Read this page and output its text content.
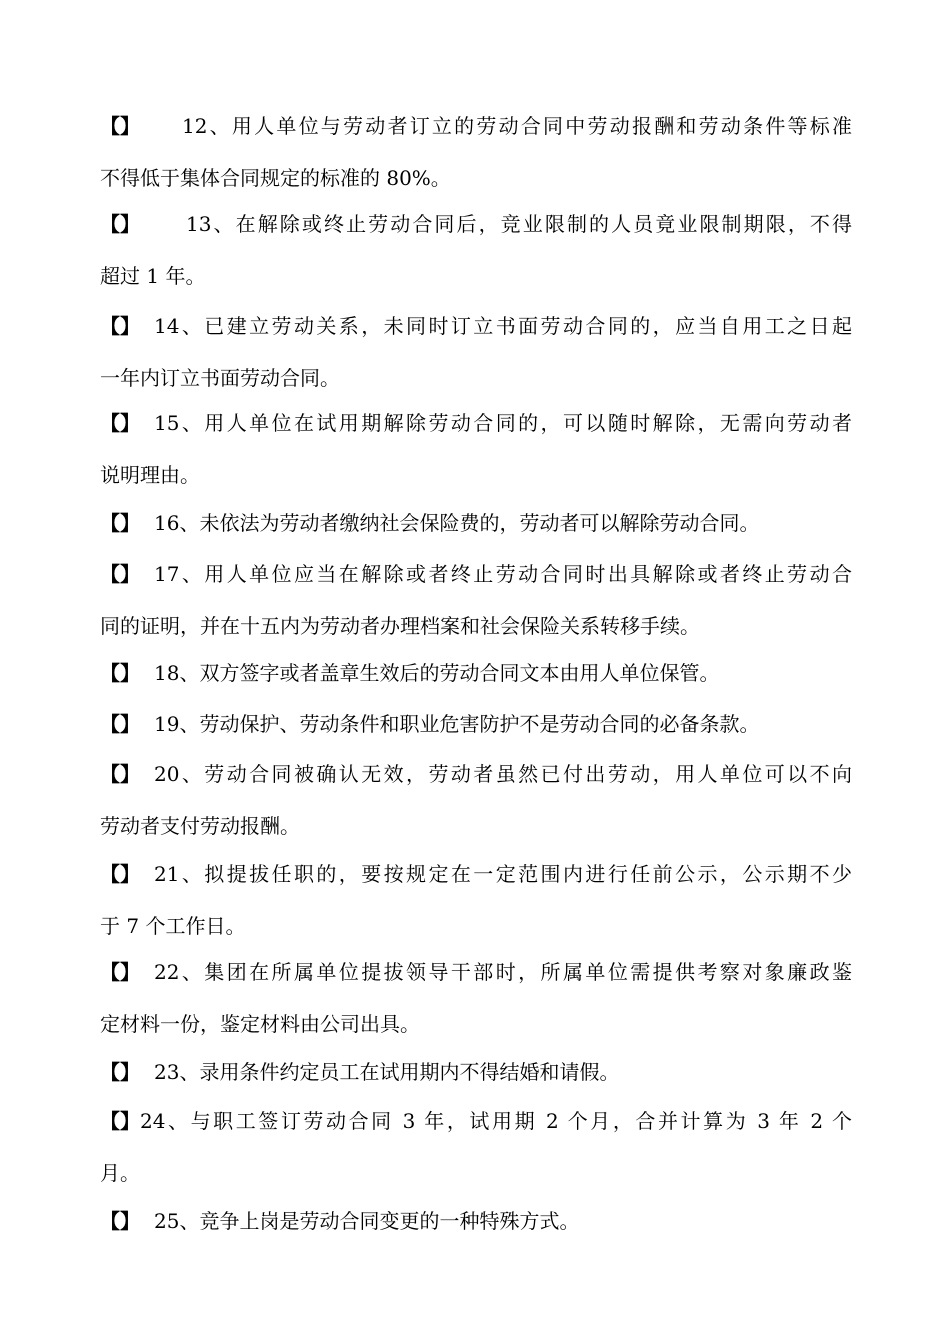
【】 12、用人单位与劳动者订立的劳动合同中劳动报酬和劳动条件等标准
不得低于集体合同规定的标准的 80%。
【】 13、在解除或终止劳动合同后，竞业限制的人员竟业限制期限，不得
超过 1 年。
【】 14、已建立劳动关系，未同时订立书面劳动合同的，应当自用工之日起
一年内订立书面劳动合同。
【】 15、用人单位在试用期解除劳动合同的，可以随时解除，无需向劳动者
说明理由。
【】 16、未依法为劳动者缴纳社会保险费的，劳动者可以解除劳动合同。
【】 17、用人单位应当在解除或者终止劳动合同时出具解除或者终止劳动合
同的证明，并在十五内为劳动者办理档案和社会保险关系转移手续。
【】 18、双方签字或者盖章生效后的劳动合同文本由用人单位保管。
【】 19、劳动保护、劳动条件和职业危害防护不是劳动合同的必备条款。
【】 20、劳动合同被确认无效，劳动者虽然已付出劳动，用人单位可以不向
劳动者支付劳动报酬。
【】 21、拟提拔任职的，要按规定在一定范围内进行任前公示，公示期不少
于 7 个工作日。
【】 22、集团在所属单位提拔领导干部时，所属单位需提供考察对象廉政鉴
定材料一份，鉴定材料由公司出具。
【】 23、录用条件约定员工在试用期内不得结婚和请假。
【】24、与职工签订劳动合同 3 年，试用期 2 个月，合并计算为 3 年 2 个
月。
【】 25、竞争上岗是劳动合同变更的一种特殊方式。
